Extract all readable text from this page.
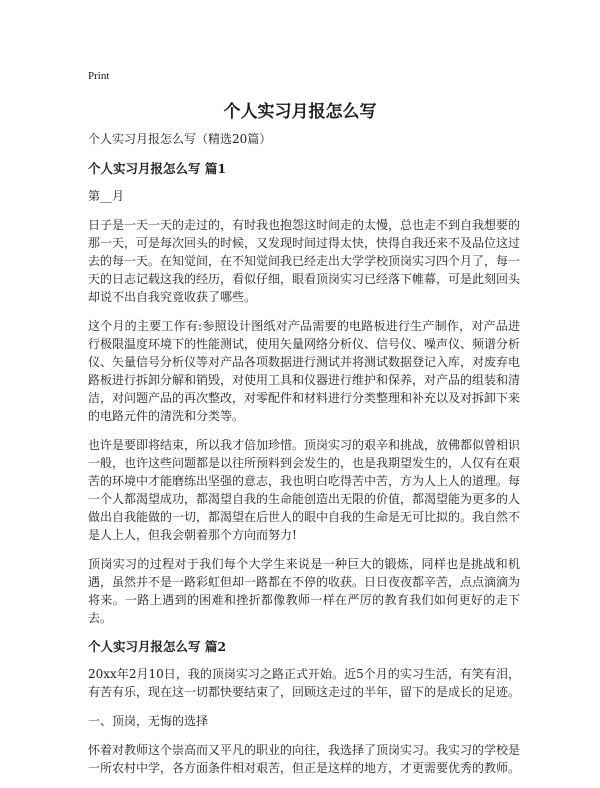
Print
个人实习月报怎么写

个人实习月报怎么写（精选20篇）

个人实习月报怎么写 篇1

第__月

日子是一天一天的走过的，有时我也抱怨这时间走的太慢，总也走不到自我想要的那一天，可是每次回头的时候，又发现时间过得太快，快得自我还来不及品位这过去的每一天。在知觉间，在不知觉间我已经走出大学学校顶岗实习四个月了，每一天的日志记载这我的经历，看似仔细，眼看顶岗实习已经落下帷幕，可是此刻回头却说不出自我究竟收获了哪些。

这个月的主要工作有:参照设计图纸对产品需要的电路板进行生产制作，对产品进行极限温度环境下的性能测试，使用矢量网络分析仪、信号仪、噪声仪、频谱分析仪、矢量信号分析仪等对产品各项数据进行测试并将测试数据登记入库，对废弃电路板进行拆卸分解和销毁，对使用工具和仪器进行维护和保养，对产品的组装和清洁，对问题产品的再次整改，对零配件和材料进行分类整理和补充以及对拆卸下来的电路元件的清洗和分类等。

也许是要即将结束，所以我才倍加珍惜。顶岗实习的艰辛和挑战，放佛都似曾相识一般，也许这些问题都是以往所预料到会发生的，也是我期望发生的，人仅有在艰苦的环境中才能磨练出坚强的意志，我也明白吃得苦中苦，方为人上人的道理。每一个人都渴望成功，都渴望自我的生命能创造出无限的价值，都渴望能为更多的人做出自我能做的一切，都渴望在后世人的眼中自我的生命是无可比拟的。我自然不是人上人，但我会朝着那个方向而努力!

顶岗实习的过程对于我们每个大学生来说是一种巨大的锻炼，同样也是挑战和机遇，虽然并不是一路彩虹但却一路都在不停的收获。日日夜夜都辛苦，点点滴滴为将来。一路上遇到的困难和挫折都像教师一样在严厉的教育我们如何更好的走下去。

个人实习月报怎么写 篇2

20xx年2月10日，我的顶岗实习之路正式开始。近5个月的实习生活，有笑有泪，有苦有乐，现在这一切都快要结束了，回顾这走过的半年，留下的是成长的足迹。

一、顶岗，无悔的选择

怀着对教师这个崇高而又平凡的职业的向往，我选择了顶岗实习。我实习的学校是一所农村中学，各方面条件相对艰苦，但正是这样的地方，才更需要优秀的教师。
